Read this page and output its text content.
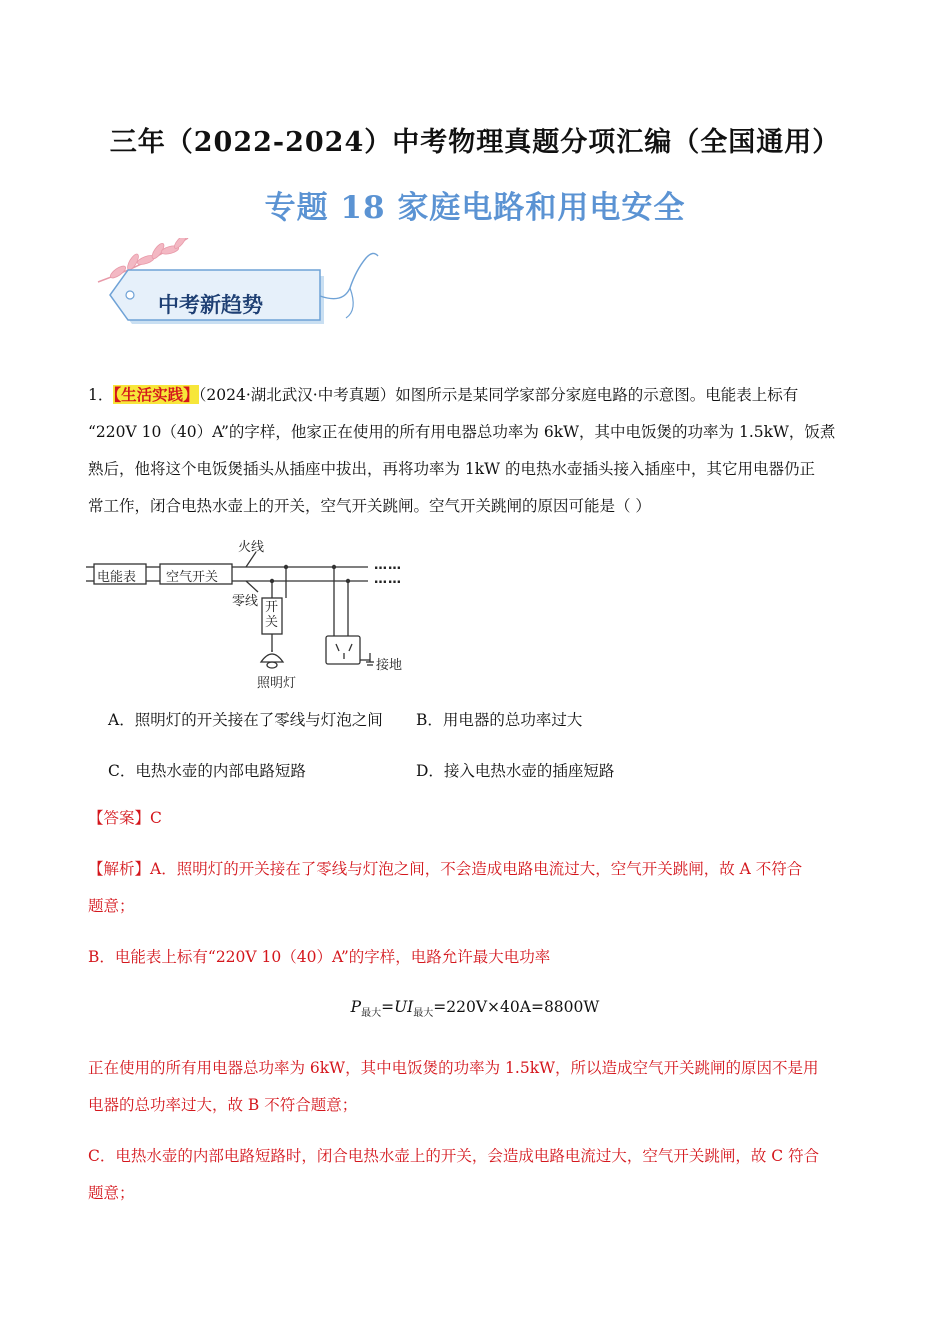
三年（2022-2024）中考物理真题分项汇编（全国通用）
专题 18 家庭电路和用电安全
中考新趋势
1．【生活实践】（2024·湖北武汉·中考真题）如图所示是某同学家部分家庭电路的示意图。电能表上标有
“220V 10（40）A”的字样，他家正在使用的所有用电器总功率为 6kW，其中电饭煲的功率为 1.5kW，饭煮
熟后，他将这个电饭煲插头从插座中拔出，再将功率为 1kW 的电热水壶插头接入插座中，其它用电器仍正
常工作，闭合电热水壶上的开关，空气开关跳闸。空气开关跳闸的原因可能是（ ）
电能表 空气开关
火线
零线 开关
照明灯
接地
……
……
A．照明灯的开关接在了零线与灯泡之间 B．用电器的总功率过大
C．电热水壶的内部电路短路	D．接入电热水壶的插座短路
【答案】C
【解析】A．照明灯的开关接在了零线与灯泡之间，不会造成电路电流过大，空气开关跳闸，故 A 不符合
题意；
B．电能表上标有“220V 10（40）A”的字样，电路允许最大电功率
$P_{最大}=UI_{最大}=220V\times 40A=8800W$
正在使用的所有用电器总功率为 6kW，其中电饭煲的功率为 1.5kW，所以造成空气开关跳闸的原因不是用
电器的总功率过大，故 B 不符合题意；
C．电热水壶的内部电路短路时，闭合电热水壶上的开关，会造成电路电流过大，空气开关跳闸，故 C 符合
题意；
